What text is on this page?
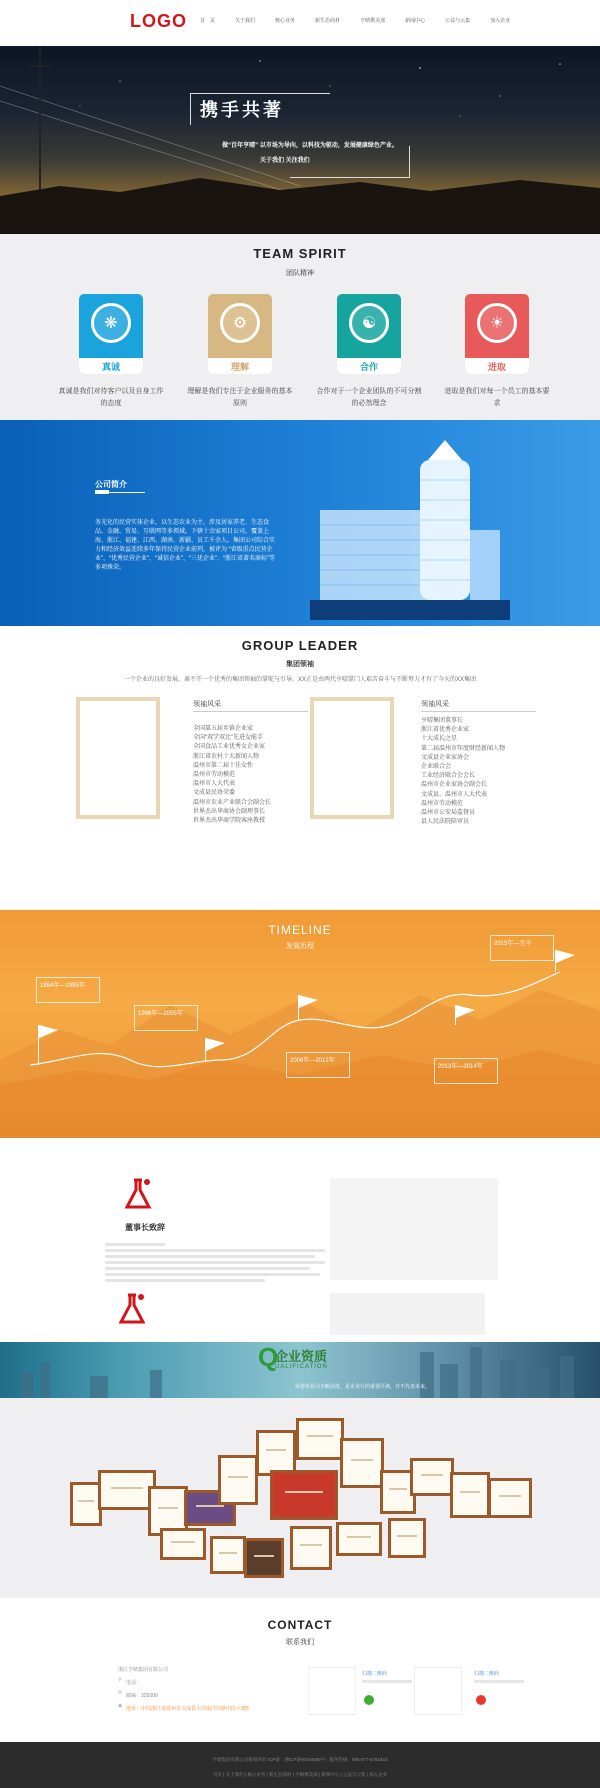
LOGO	首　页	关于我们	核心业务	新生态商材	亨晴携美部	新闻中心	公益与云集	加入企业
携手共著
做“百年亨晴” 以市场为导向，以科技为驱动，发展健康绿色产业。
关于我们 关注我们
TEAM SPIRIT
团队精神
❋
真诚
⚙
理解
☯
合作
☀
进取
真诚是我们对待客户以及自身工作的态度
理解是我们专注于企业服务的基本原则
合作对于一个企业团队的不可分割的必然理念
进取是我们对每一个员工的基本要求
公司简介
务光化的民营实体企业，以生态农业为主，涉及居家养老、生态食品、金融、贸易、互联网等多领域。下辖十余家项目公司，覆盖上海、浙江、福建、江西、湖南、新疆、员工千余人。集团公司综合实力和经济效益连续多年保持民营企业前列，被评为 “省级重点民营企业”、“优秀民营企业”、“诚信企业”、“三优企业”、“浙江省著名商标”等多项殊荣。
GROUP LEADER
集团领袖
一个企业的良好发展，离不开一个优秀的集团领袖的掌舵与引导。XX正是由两代亨晴掌门人艰苦奋斗与不断努力才有了今天的XX集团
领袖风采
全国第五届乡镇企业家
全国“双学双比”先进女能手
全国食品工业优秀女企业家
浙江省农村十大新闻人物
温州市第二届十佳女性
温州市劳动模范
温州市人大代表
文成县民协荣委
温州市农业产业联合会副会长
世界杰出华商协会副理事长
世界杰出华商学院客座教授
领袖风采
亨晴集团董事长
浙江省优秀企业家
十大成长之星
第二届温州市年度财经新闻人物
文成县企业家协会
企业联合会
工业经济联合会会长
温州市企业家协会副会长
文成县、温州市人大代表
温州市劳动模范
温州市公安局监督员
县人民法院陪审员
TIMELINE
发展历程
1994年—1995年
1996年—2005年
2006年—2012年
2013年—2014年
2015年—至今
董事长致辞
Q
企业资质
UALIFICATION
荣誉彰显引不断前进，是企业行的重要汗滴。并不代表未来。
CONTACT
联系我们
浙江亨晴集团有限公司
⚲ 电话：
✉ 邮编：325000
◉ 地址：中国浙江省温州市文成县大峃镇洋坑路中段大楼5
扫描二维码	扫描二维码
亨晴集团有限公司版权所有 ICP备：浙ICP备00044099号 · 服务热线：086-577-6781822
首页 | 关于我们 | 核心业务 | 新生态商材 | 亨晴携美部 | 新闻中心 | 公益与云集 | 加入企业
